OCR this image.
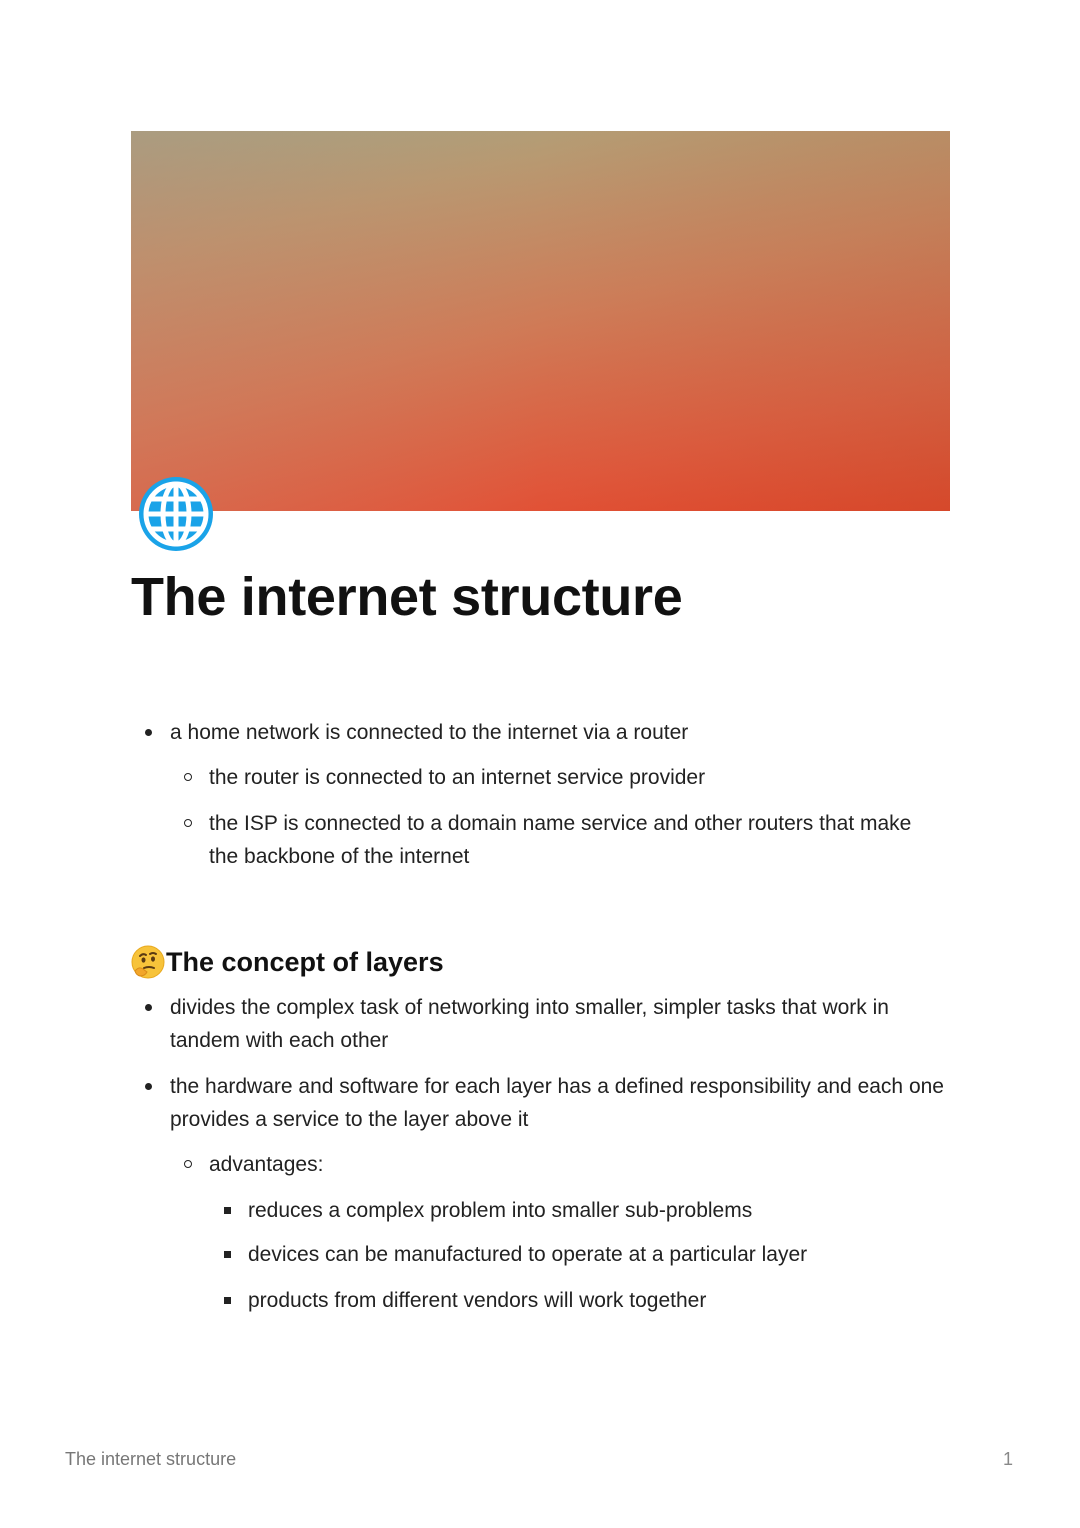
The internet structure
a home network is connected to the internet via a router
the router is connected to an internet service provider
the ISP is connected to a domain name service and other routers that make the backbone of the internet
The concept of layers
divides the complex task of networking into smaller, simpler tasks that work in tandem with each other
the hardware and software for each layer has a defined responsibility and each one provides a service to the layer above it
advantages:
reduces a complex problem into smaller sub-problems
devices can be manufactured to operate at a particular layer
products from different vendors will work together
The internet structure	1
